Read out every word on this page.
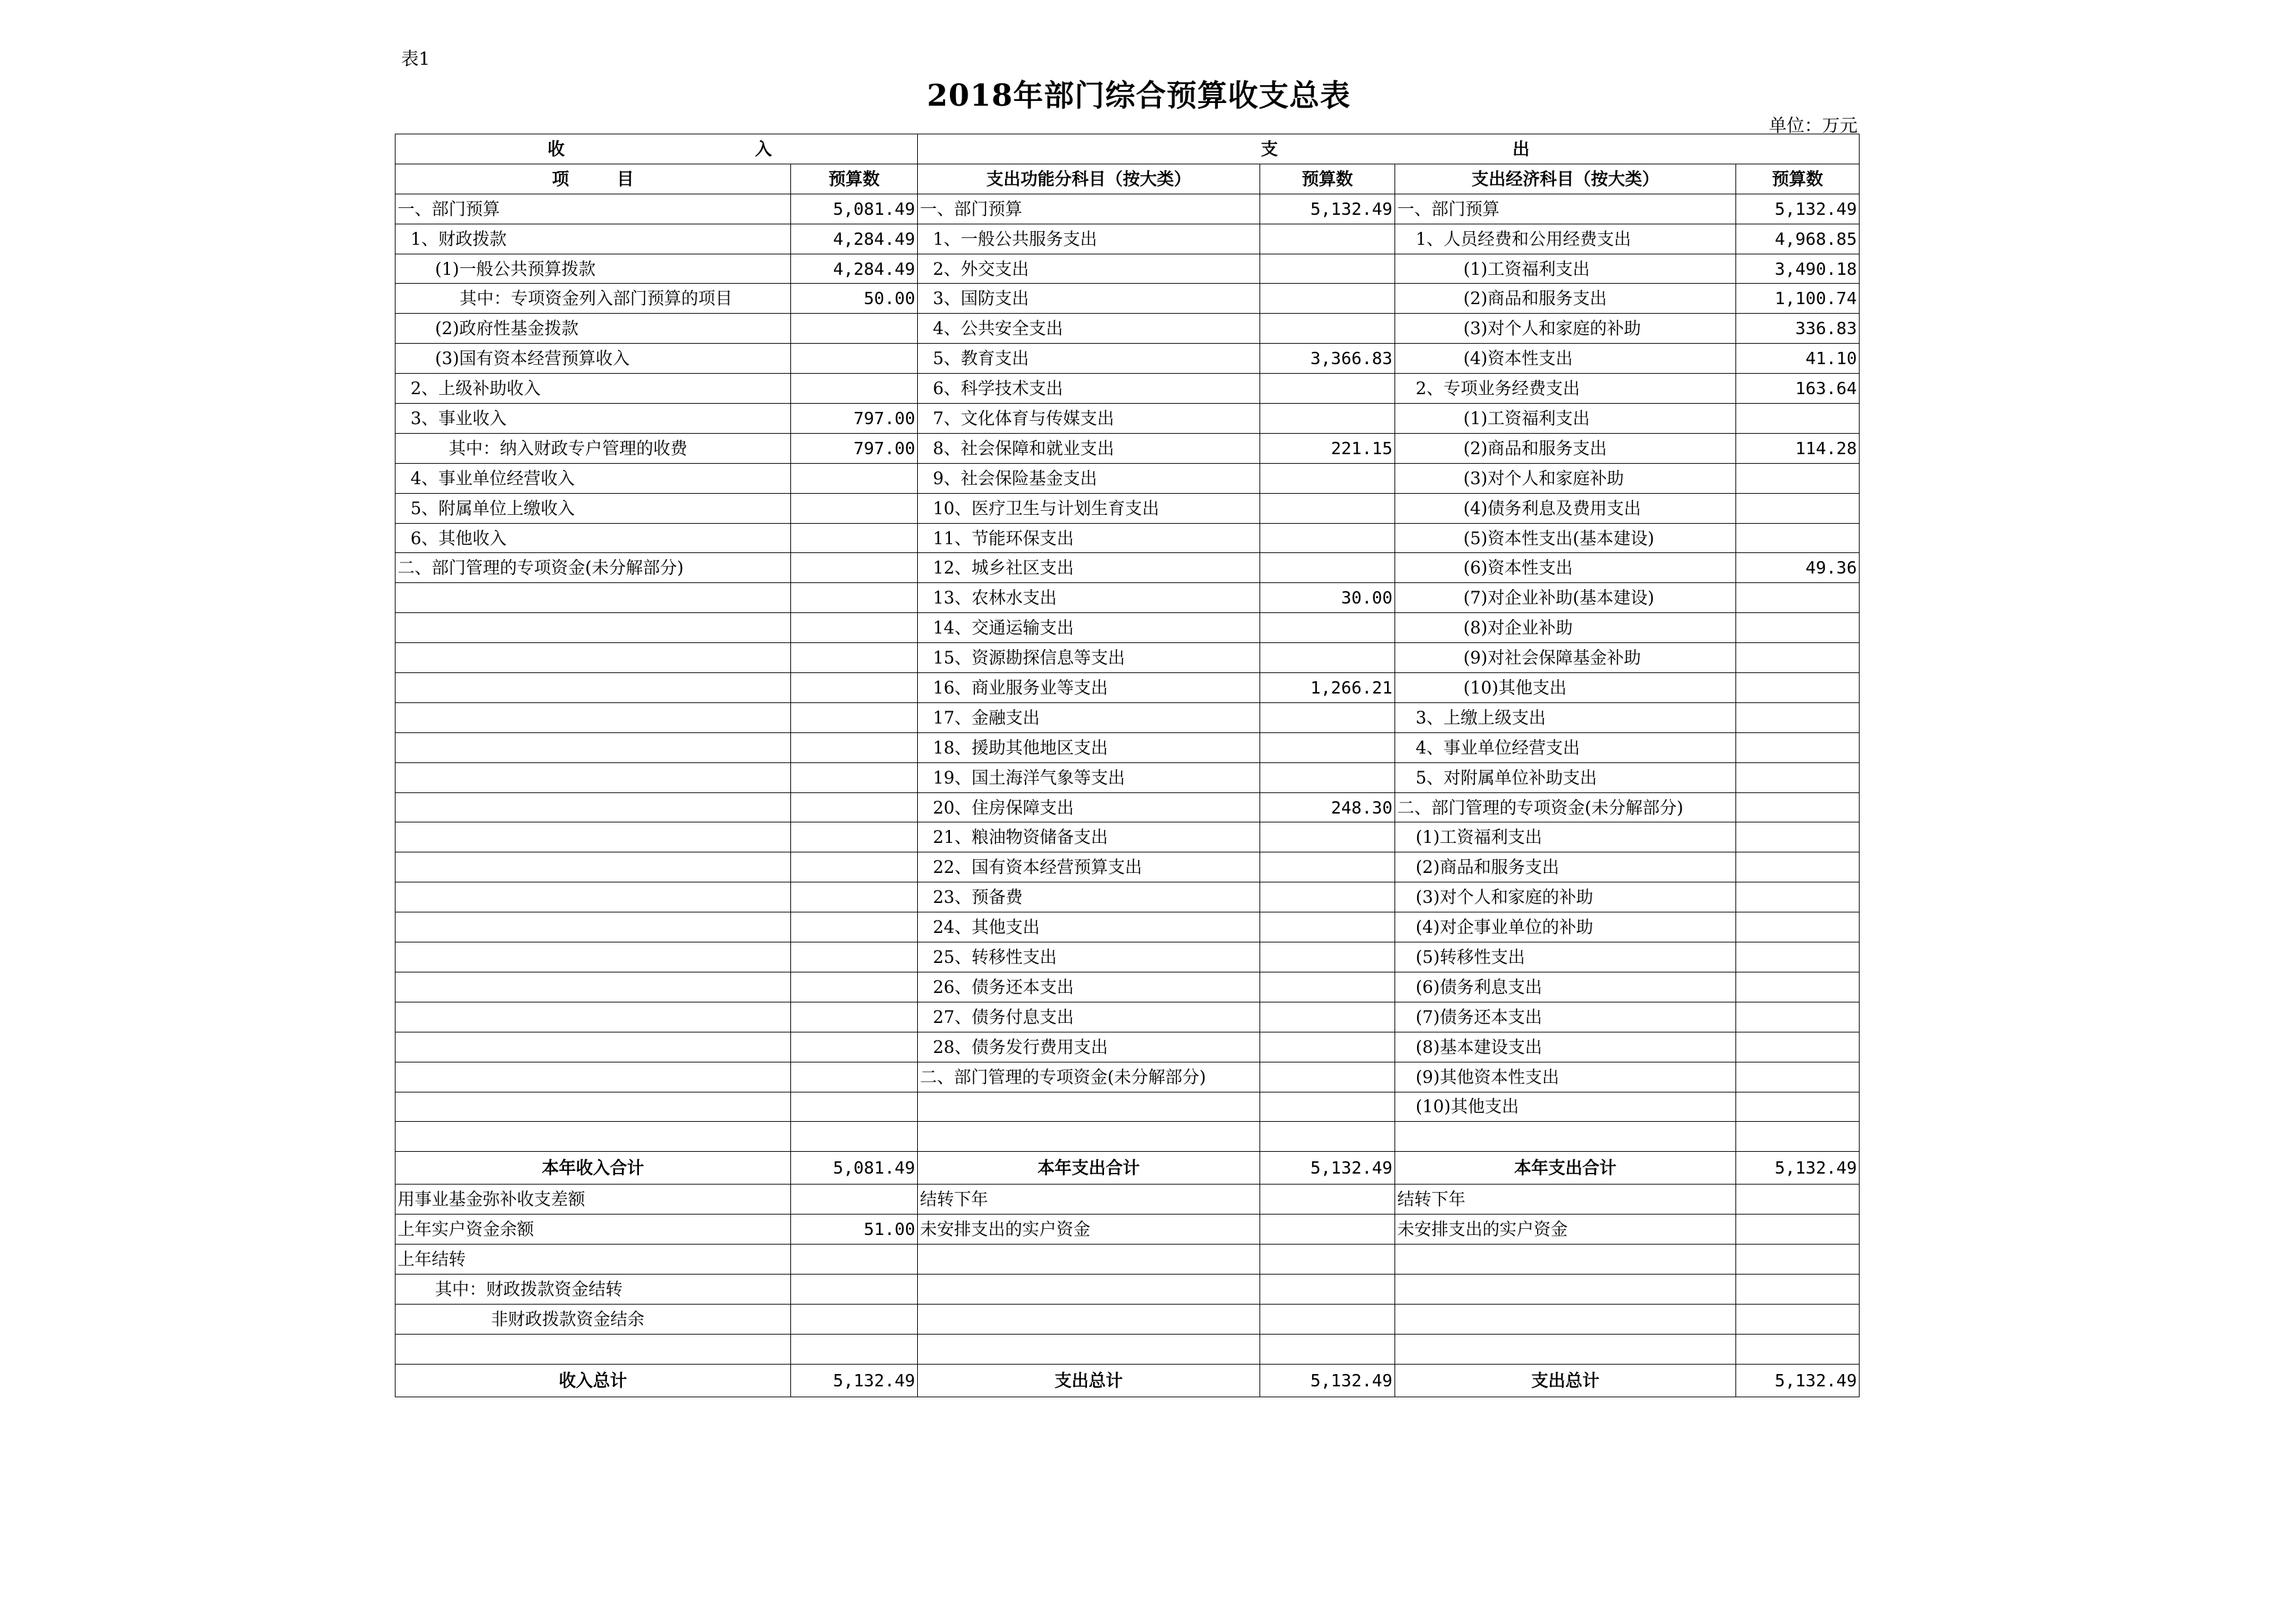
表1
2018年部门综合预算收支总表
单位：万元
收 入		支 出			

项 目	预算数	支出功能分科目（按大类）	预算数	支出经济科目（按大类）	预算数
一、部门预算	5,081.49	一、部门预算	5,132.49	一、部门预算	5,132.49
1、财政拨款	4,284.49	1、一般公共服务支出		1、人员经费和公用经费支出	4,968.85
(1)一般公共预算拨款	4,284.49	2、外交支出		(1)工资福利支出	3,490.18
其中：专项资金列入部门预算的项目	50.00	3、国防支出		(2)商品和服务支出	1,100.74
(2)政府性基金拨款		4、公共安全支出		(3)对个人和家庭的补助	336.83
(3)国有资本经营预算收入		5、教育支出	3,366.83	(4)资本性支出	41.10
2、上级补助收入		6、科学技术支出		2、专项业务经费支出	163.64
3、事业收入	797.00	7、文化体育与传媒支出		(1)工资福利支出	
其中：纳入财政专户管理的收费	797.00	8、社会保障和就业支出	221.15	(2)商品和服务支出	114.28
4、事业单位经营收入		9、社会保险基金支出		(3)对个人和家庭补助	
5、附属单位上缴收入		10、医疗卫生与计划生育支出		(4)债务利息及费用支出	
6、其他收入		11、节能环保支出		(5)资本性支出(基本建设)	
二、部门管理的专项资金(未分解部分)		12、城乡社区支出		(6)资本性支出	49.36
		13、农林水支出	30.00	(7)对企业补助(基本建设)	
		14、交通运输支出		(8)对企业补助	
		15、资源勘探信息等支出		(9)对社会保障基金补助	
		16、商业服务业等支出	1,266.21	(10)其他支出	
		17、金融支出		3、上缴上级支出	
		18、援助其他地区支出		4、事业单位经营支出	
		19、国土海洋气象等支出		5、对附属单位补助支出	
		20、住房保障支出	248.30	二、部门管理的专项资金(未分解部分)	
		21、粮油物资储备支出		(1)工资福利支出	
		22、国有资本经营预算支出		(2)商品和服务支出	
		23、预备费		(3)对个人和家庭的补助	
		24、其他支出		(4)对企事业单位的补助	
		25、转移性支出		(5)转移性支出	
		26、债务还本支出		(6)债务利息支出	
		27、债务付息支出		(7)债务还本支出	
		28、债务发行费用支出		(8)基本建设支出	
		二、部门管理的专项资金(未分解部分)		(9)其他资本性支出	
				(10)其他支出	

本年收入合计	5,081.49	本年支出合计	5,132.49	本年支出合计	5,132.49
用事业基金弥补收支差额		结转下年		结转下年	
上年实户资金余额	51.00	未安排支出的实户资金		未安排支出的实户资金	
上年结转					
其中：财政拨款资金结转					
非财政拨款资金结余					

收入总计	5,132.49	支出总计	5,132.49	支出总计	5,132.49
